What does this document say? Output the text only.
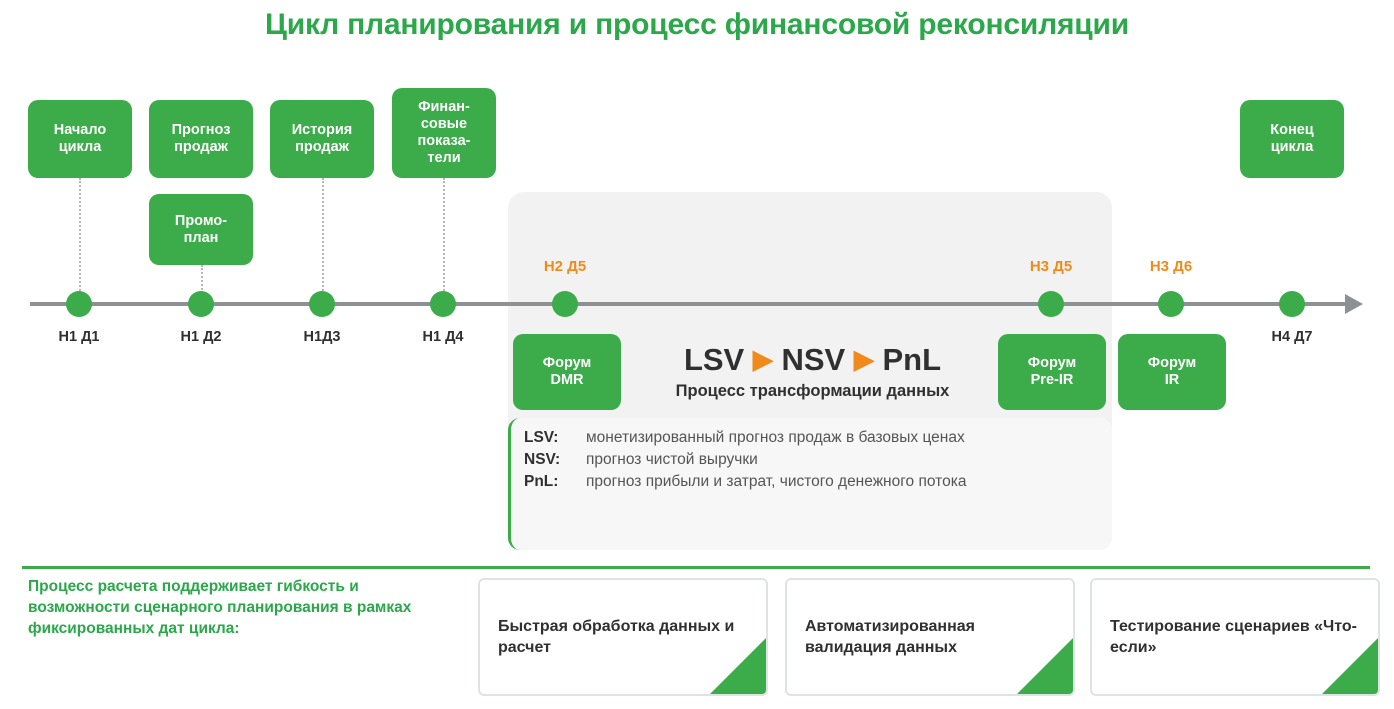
Цикл планирования и процесс финансовой реконсиляции
Н1 Д1	Н1 Д2	Н1Д3	Н1 Д4	Н4 Д7
Н2 Д5	Н3 Д5	Н3 Д6
Начало
цикла
Прогноз
продаж
История
продаж
Финан-
совые
показа-
тели
Промо-
план
Конец
цикла
Форум
DMR
Форум
Pre-IR
Форум
IR
LSV ▶ NSV ▶ PnL
Процесс трансформации данных
LSV:	монетизированный прогноз продаж в базовых ценах
NSV:	прогноз чистой выручки
PnL:	прогноз прибыли и затрат, чистого денежного потока
Процесс расчета поддерживает гибкость и возможности сценарного планирования в рамках фиксированных дат цикла:	Быстрая обработка данных и расчет
Автоматизированная валидация данных
Тестирование сценариев «Что-если»
